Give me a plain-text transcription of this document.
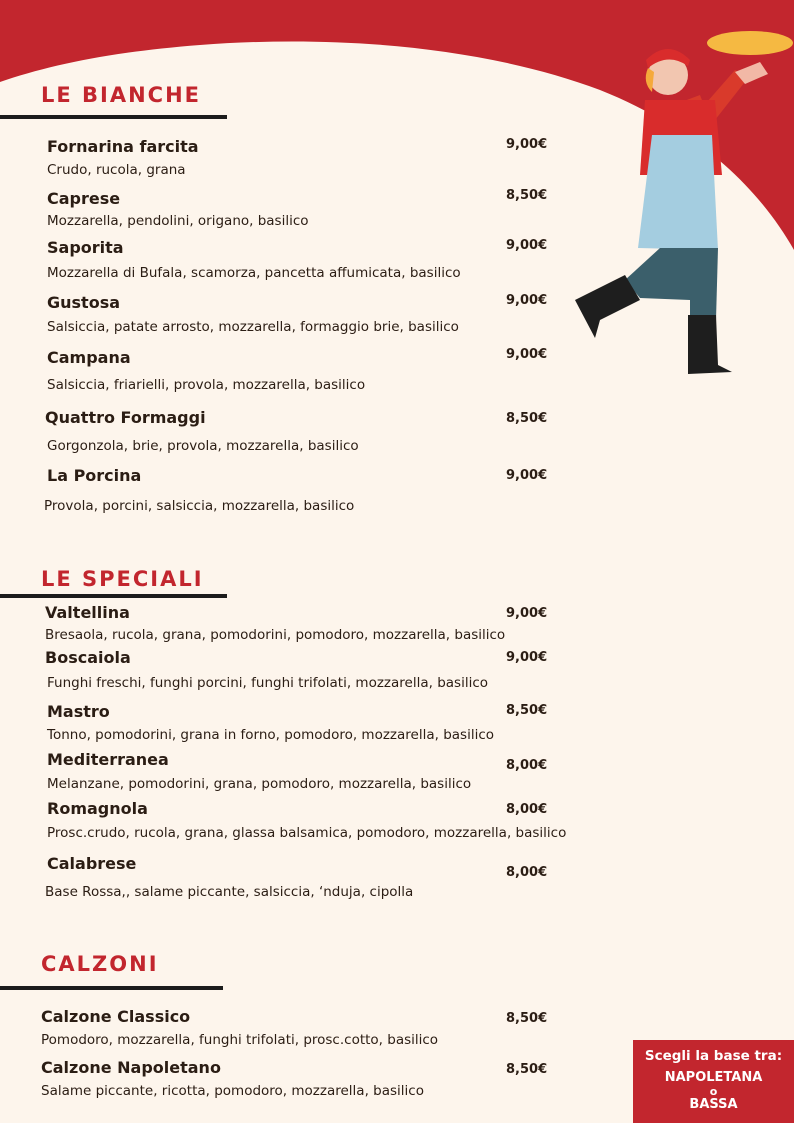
LE BIANCHE
Fornarina farcita
Crudo, rucola, grana
9,00€
Caprese
Mozzarella, pendolini, origano, basilico
8,50€
Saporita
Mozzarella di Bufala, scamorza, pancetta affumicata, basilico
9,00€
Gustosa
Salsiccia, patate arrosto, mozzarella, formaggio brie, basilico
9,00€
Campana
Salsiccia, friarielli, provola, mozzarella, basilico
9,00€
Quattro Formaggi
Gorgonzola, brie, provola, mozzarella, basilico
8,50€
La Porcina
Provola, porcini, salsiccia, mozzarella, basilico
9,00€
LE SPECIALI
Valtellina
Bresaola, rucola, grana, pomodorini, pomodoro, mozzarella, basilico
9,00€
Boscaiola
Funghi freschi, funghi porcini, funghi trifolati, mozzarella, basilico
9,00€
Mastro
Tonno, pomodorini, grana in forno, pomodoro, mozzarella, basilico
8,50€
Mediterranea
Melanzane, pomodorini, grana, pomodoro, mozzarella, basilico
8,00€
Romagnola
Prosc.crudo, rucola, grana, glassa balsamica, pomodoro, mozzarella, basilico
8,00€
Calabrese
Base Rossa,, salame piccante, salsiccia, ‘nduja, cipolla
8,00€
CALZONI
Calzone Classico
Pomodoro, mozzarella, funghi trifolati, prosc.cotto, basilico
8,50€
Calzone Napoletano
Salame piccante, ricotta, pomodoro, mozzarella, basilico
8,50€
Scegli la base tra:
NAPOLETANA
o
BASSA
